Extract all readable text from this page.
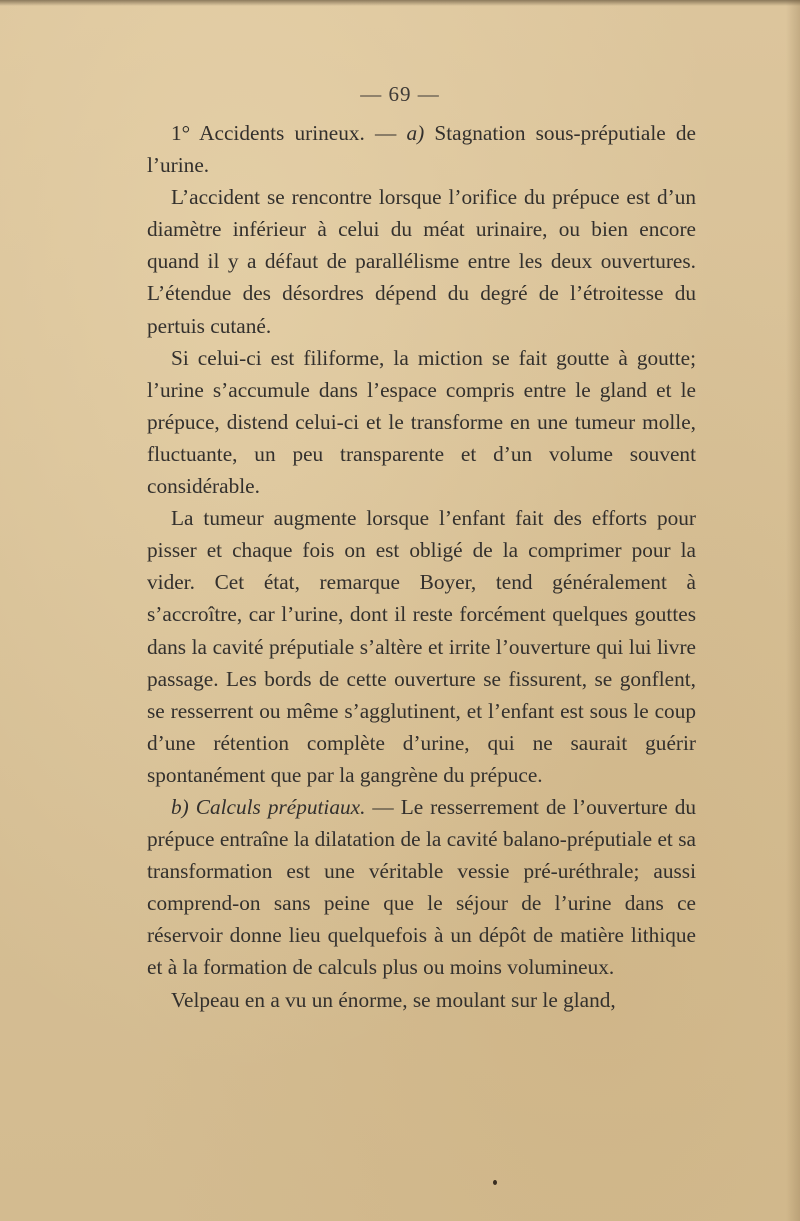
— 69 —

1° Accidents urineux. — a) Stagnation sous-préputiale de l’urine.

L’accident se rencontre lorsque l’orifice du prépuce est d’un diamètre inférieur à celui du méat urinaire, ou bien encore quand il y a défaut de parallélisme entre les deux ouvertures. L’étendue des désordres dépend du degré de l’étroitesse du pertuis cutané.

Si celui-ci est filiforme, la miction se fait goutte à goutte; l’urine s’accumule dans l’espace compris entre le gland et le prépuce, distend celui-ci et le transforme en une tumeur molle, fluctuante, un peu transparente et d’un volume souvent considérable.

La tumeur augmente lorsque l’enfant fait des efforts pour pisser et chaque fois on est obligé de la comprimer pour la vider. Cet état, remarque Boyer, tend généralement à s’accroître, car l’urine, dont il reste forcément quelques gouttes dans la cavité préputiale s’altère et irrite l’ouverture qui lui livre passage. Les bords de cette ouverture se fissurent, se gonflent, se resserrent ou même s’agglutinent, et l’enfant est sous le coup d’une rétention complète d’urine, qui ne saurait guérir spontanément que par la gangrène du prépuce.

b) Calculs préputiaux. — Le resserrement de l’ouverture du prépuce entraîne la dilatation de la cavité balano-préputiale et sa transformation est une véritable vessie pré-uréthrale; aussi comprend-on sans peine que le séjour de l’urine dans ce réservoir donne lieu quelquefois à un dépôt de matière lithique et à la formation de calculs plus ou moins volumineux.

Velpeau en a vu un énorme, se moulant sur le gland,
